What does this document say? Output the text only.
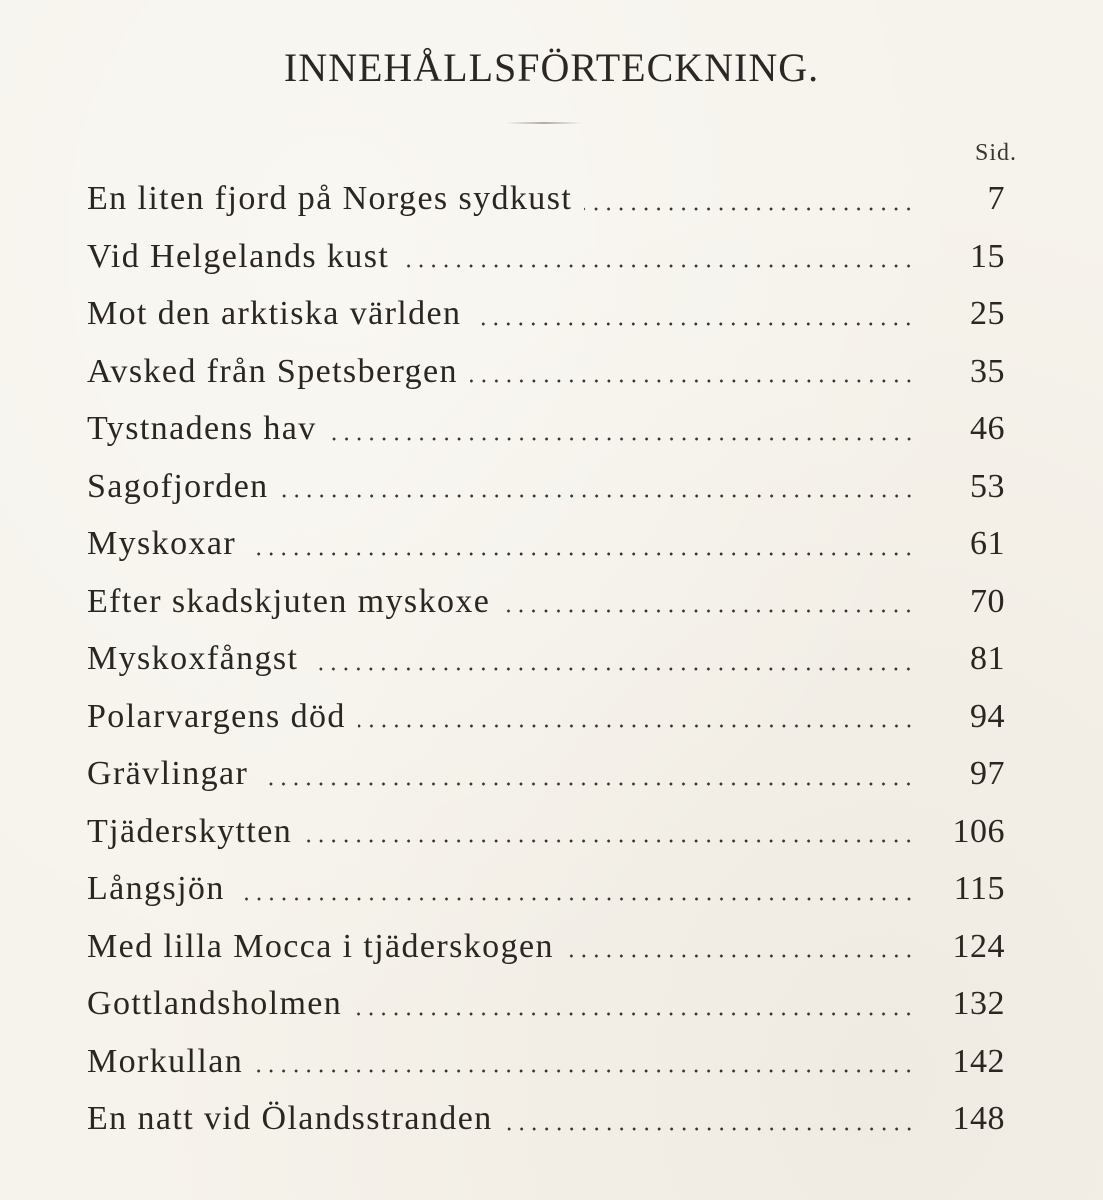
INNEHÅLLSFÖRTECKNING.
Sid.
En liten fjord på Norges sydkust	7
Vid Helgelands kust	15
Mot den arktiska världen	25
Avsked från Spetsbergen	35
Tystnadens hav	46
Sagofjorden	53
Myskoxar	61
Efter skadskjuten myskoxe	70
Myskoxfångst	81
Polarvargens död	94
Grävlingar	97
Tjäderskytten	106
Långsjön	115
Med lilla Mocca i tjäderskogen	124
Gottlandsholmen	132
Morkullan	142
En natt vid Ölandsstranden	148
